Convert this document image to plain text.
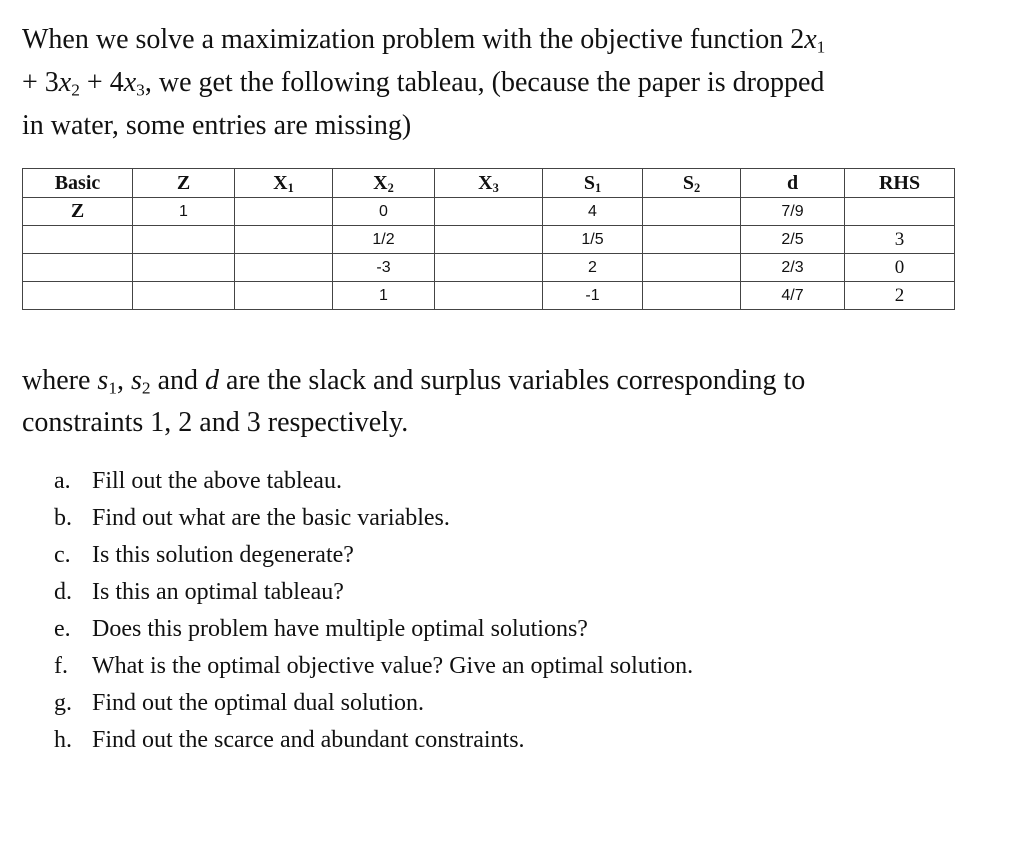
When we solve a maximization problem with the objective function $2x_1$
+ $3x_2 + 4x_3$, we get the following tableau, (because the paper is dropped
in water, some entries are missing)

Basic	Z	$X_1$	$X_2$	$X_3$	$S_1$	$S_2$	d	RHS
Z	1		0		4		7/9	
			1/2		1/5		2/5	3
			-3		2		2/3	0
			1		-1		4/7	2

where $s_1$, $s_2$ and d are the slack and surplus variables corresponding to
constraints 1, 2 and 3 respectively.

a. Fill out the above tableau.
b. Find out what are the basic variables.
c. Is this solution degenerate?
d. Is this an optimal tableau?
e. Does this problem have multiple optimal solutions?
f. What is the optimal objective value? Give an optimal solution.
g. Find out the optimal dual solution.
h. Find out the scarce and abundant constraints.
